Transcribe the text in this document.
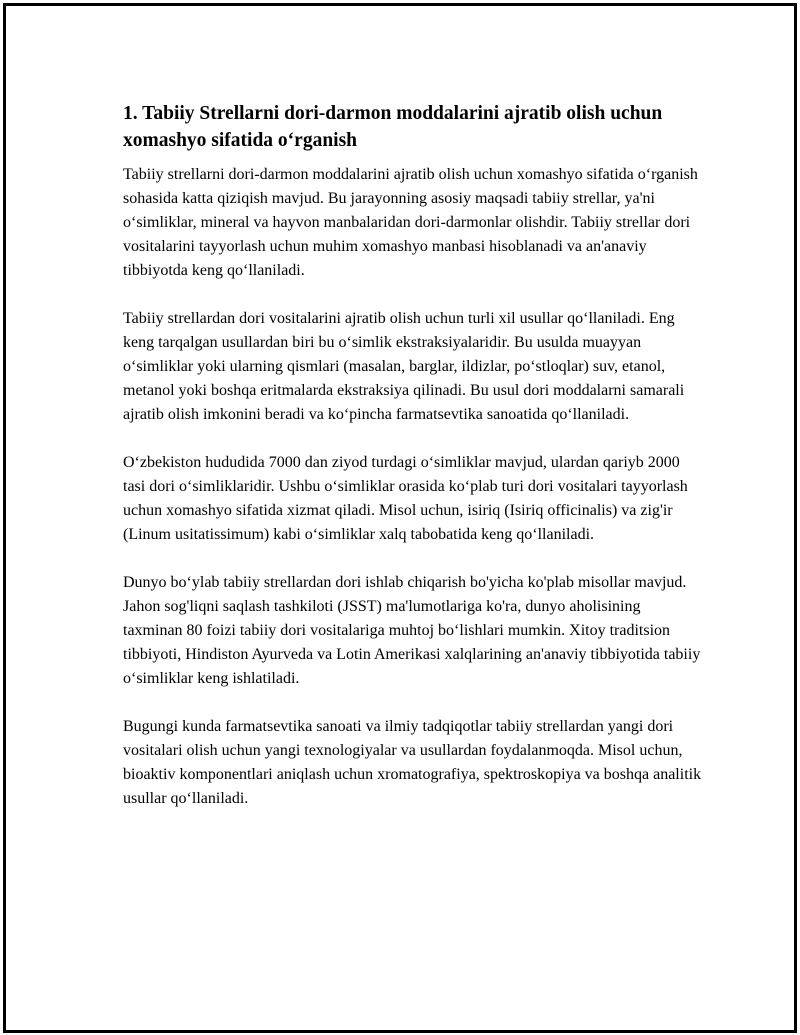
1. Tabiiy Strellarni dori-darmon moddalarini ajratib olish uchun xomashyo sifatida o‘rganish

Tabiiy strellarni dori-darmon moddalarini ajratib olish uchun xomashyo sifatida o‘rganish sohasida katta qiziqish mavjud. Bu jarayonning asosiy maqsadi tabiiy strellar, ya'ni o‘simliklar, mineral va hayvon manbalaridan dori-darmonlar olishdir. Tabiiy strellar dori vositalarini tayyorlash uchun muhim xomashyo manbasi hisoblanadi va an'anaviy tibbiyotda keng qo‘llaniladi.

Tabiiy strellardan dori vositalarini ajratib olish uchun turli xil usullar qo‘llaniladi. Eng keng tarqalgan usullardan biri bu o‘simlik ekstraksiyalaridir. Bu usulda muayyan o‘simliklar yoki ularning qismlari (masalan, barglar, ildizlar, po‘stloqlar) suv, etanol, metanol yoki boshqa eritmalarda ekstraksiya qilinadi. Bu usul dori moddalarni samarali ajratib olish imkonini beradi va ko‘pincha farmatsevtika sanoatida qo‘llaniladi.

O‘zbekiston hududida 7000 dan ziyod turdagi o‘simliklar mavjud, ulardan qariyb 2000 tasi dori o‘simliklaridir. Ushbu o‘simliklar orasida ko‘plab turi dori vositalari tayyorlash uchun xomashyo sifatida xizmat qiladi. Misol uchun, isiriq (Isiriq officinalis) va zig'ir (Linum usitatissimum) kabi o‘simliklar xalq tabobatida keng qo‘llaniladi.

Dunyo bo‘ylab tabiiy strellardan dori ishlab chiqarish bo'yicha ko'plab misollar mavjud. Jahon sog'liqni saqlash tashkiloti (JSST) ma'lumotlariga ko'ra, dunyo aholisining taxminan 80 foizi tabiiy dori vositalariga muhtoj bo‘lishlari mumkin. Xitoy traditsion tibbiyoti, Hindiston Ayurveda va Lotin Amerikasi xalqlarining an'anaviy tibbiyotida tabiiy o‘simliklar keng ishlatiladi.

Bugungi kunda farmatsevtika sanoati va ilmiy tadqiqotlar tabiiy strellardan yangi dori vositalari olish uchun yangi texnologiyalar va usullardan foydalanmoqda. Misol uchun, bioaktiv komponentlari aniqlash uchun xromatografiya, spektroskopiya va boshqa analitik usullar qo‘llaniladi.
